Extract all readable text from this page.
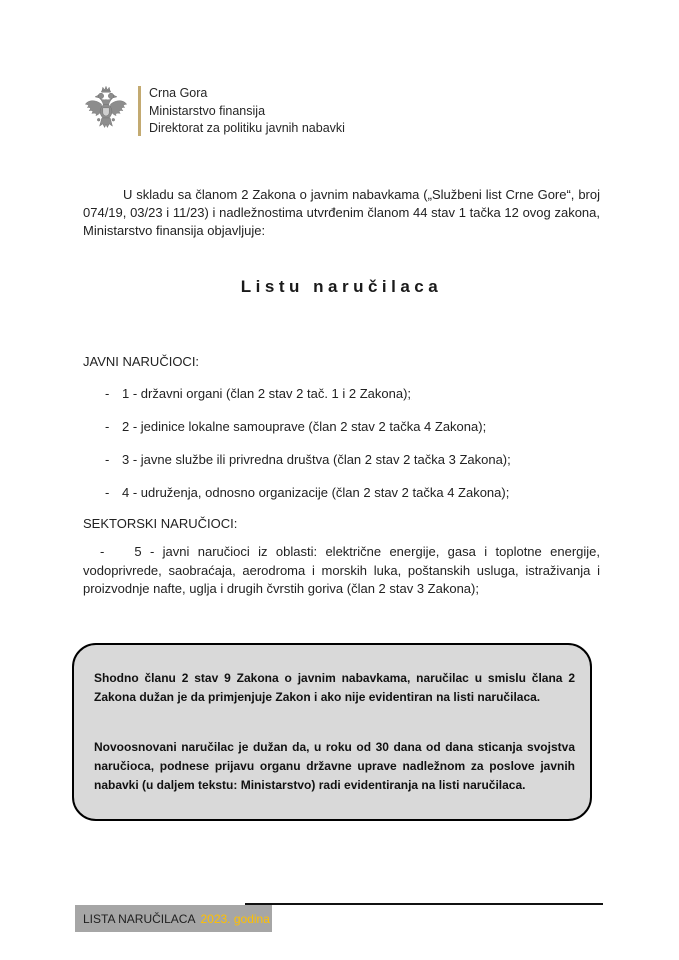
Crna Gora
Ministarstvo finansija
Direktorat za politiku javnih nabavki

U skladu sa članom 2 Zakona o javnim nabavkama („Službeni list Crne Gore“, broj 074/19, 03/23 i 11/23) i nadležnostima utvrđenim članom 44 stav 1 tačka 12 ovog zakona, Ministarstvo finansija objavljuje:

Listu naručilaca
JAVNI NARUČIOCI:
- 1 - državni organi (član 2 stav 2 tač. 1 i 2 Zakona);
- 2 - jedinice lokalne samouprave (član 2 stav 2 tačka 4 Zakona);
- 3 - javne službe ili privredna društva (član 2 stav 2 tačka 3 Zakona);
- 4 - udruženja, odnosno organizacije (član 2 stav 2 tačka 4 Zakona);
SEKTORSKI NARUČIOCI:

- 5 - javni naručioci iz oblasti: električne energije, gasa i toplotne energije, vodoprivrede, saobraćaja, aerodroma i morskih luka, poštanskih usluga, istraživanja i proizvodnje nafte, uglja i drugih čvrstih goriva (član 2 stav 3 Zakona);

Shodno članu 2 stav 9 Zakona o javnim nabavkama, naručilac u smislu člana 2 Zakona dužan je da primjenjuje Zakon i ako nije evidentiran na listi naručilaca.

Novoosnovani naručilac je dužan da, u roku od 30 dana od dana sticanja svojstva naručioca, podnese prijavu organu državne uprave nadležnom za poslove javnih nabavki (u daljem tekstu: Ministarstvo) radi evidentiranja na listi naručilaca.

LISTA NARUČILACA 2023. godina
